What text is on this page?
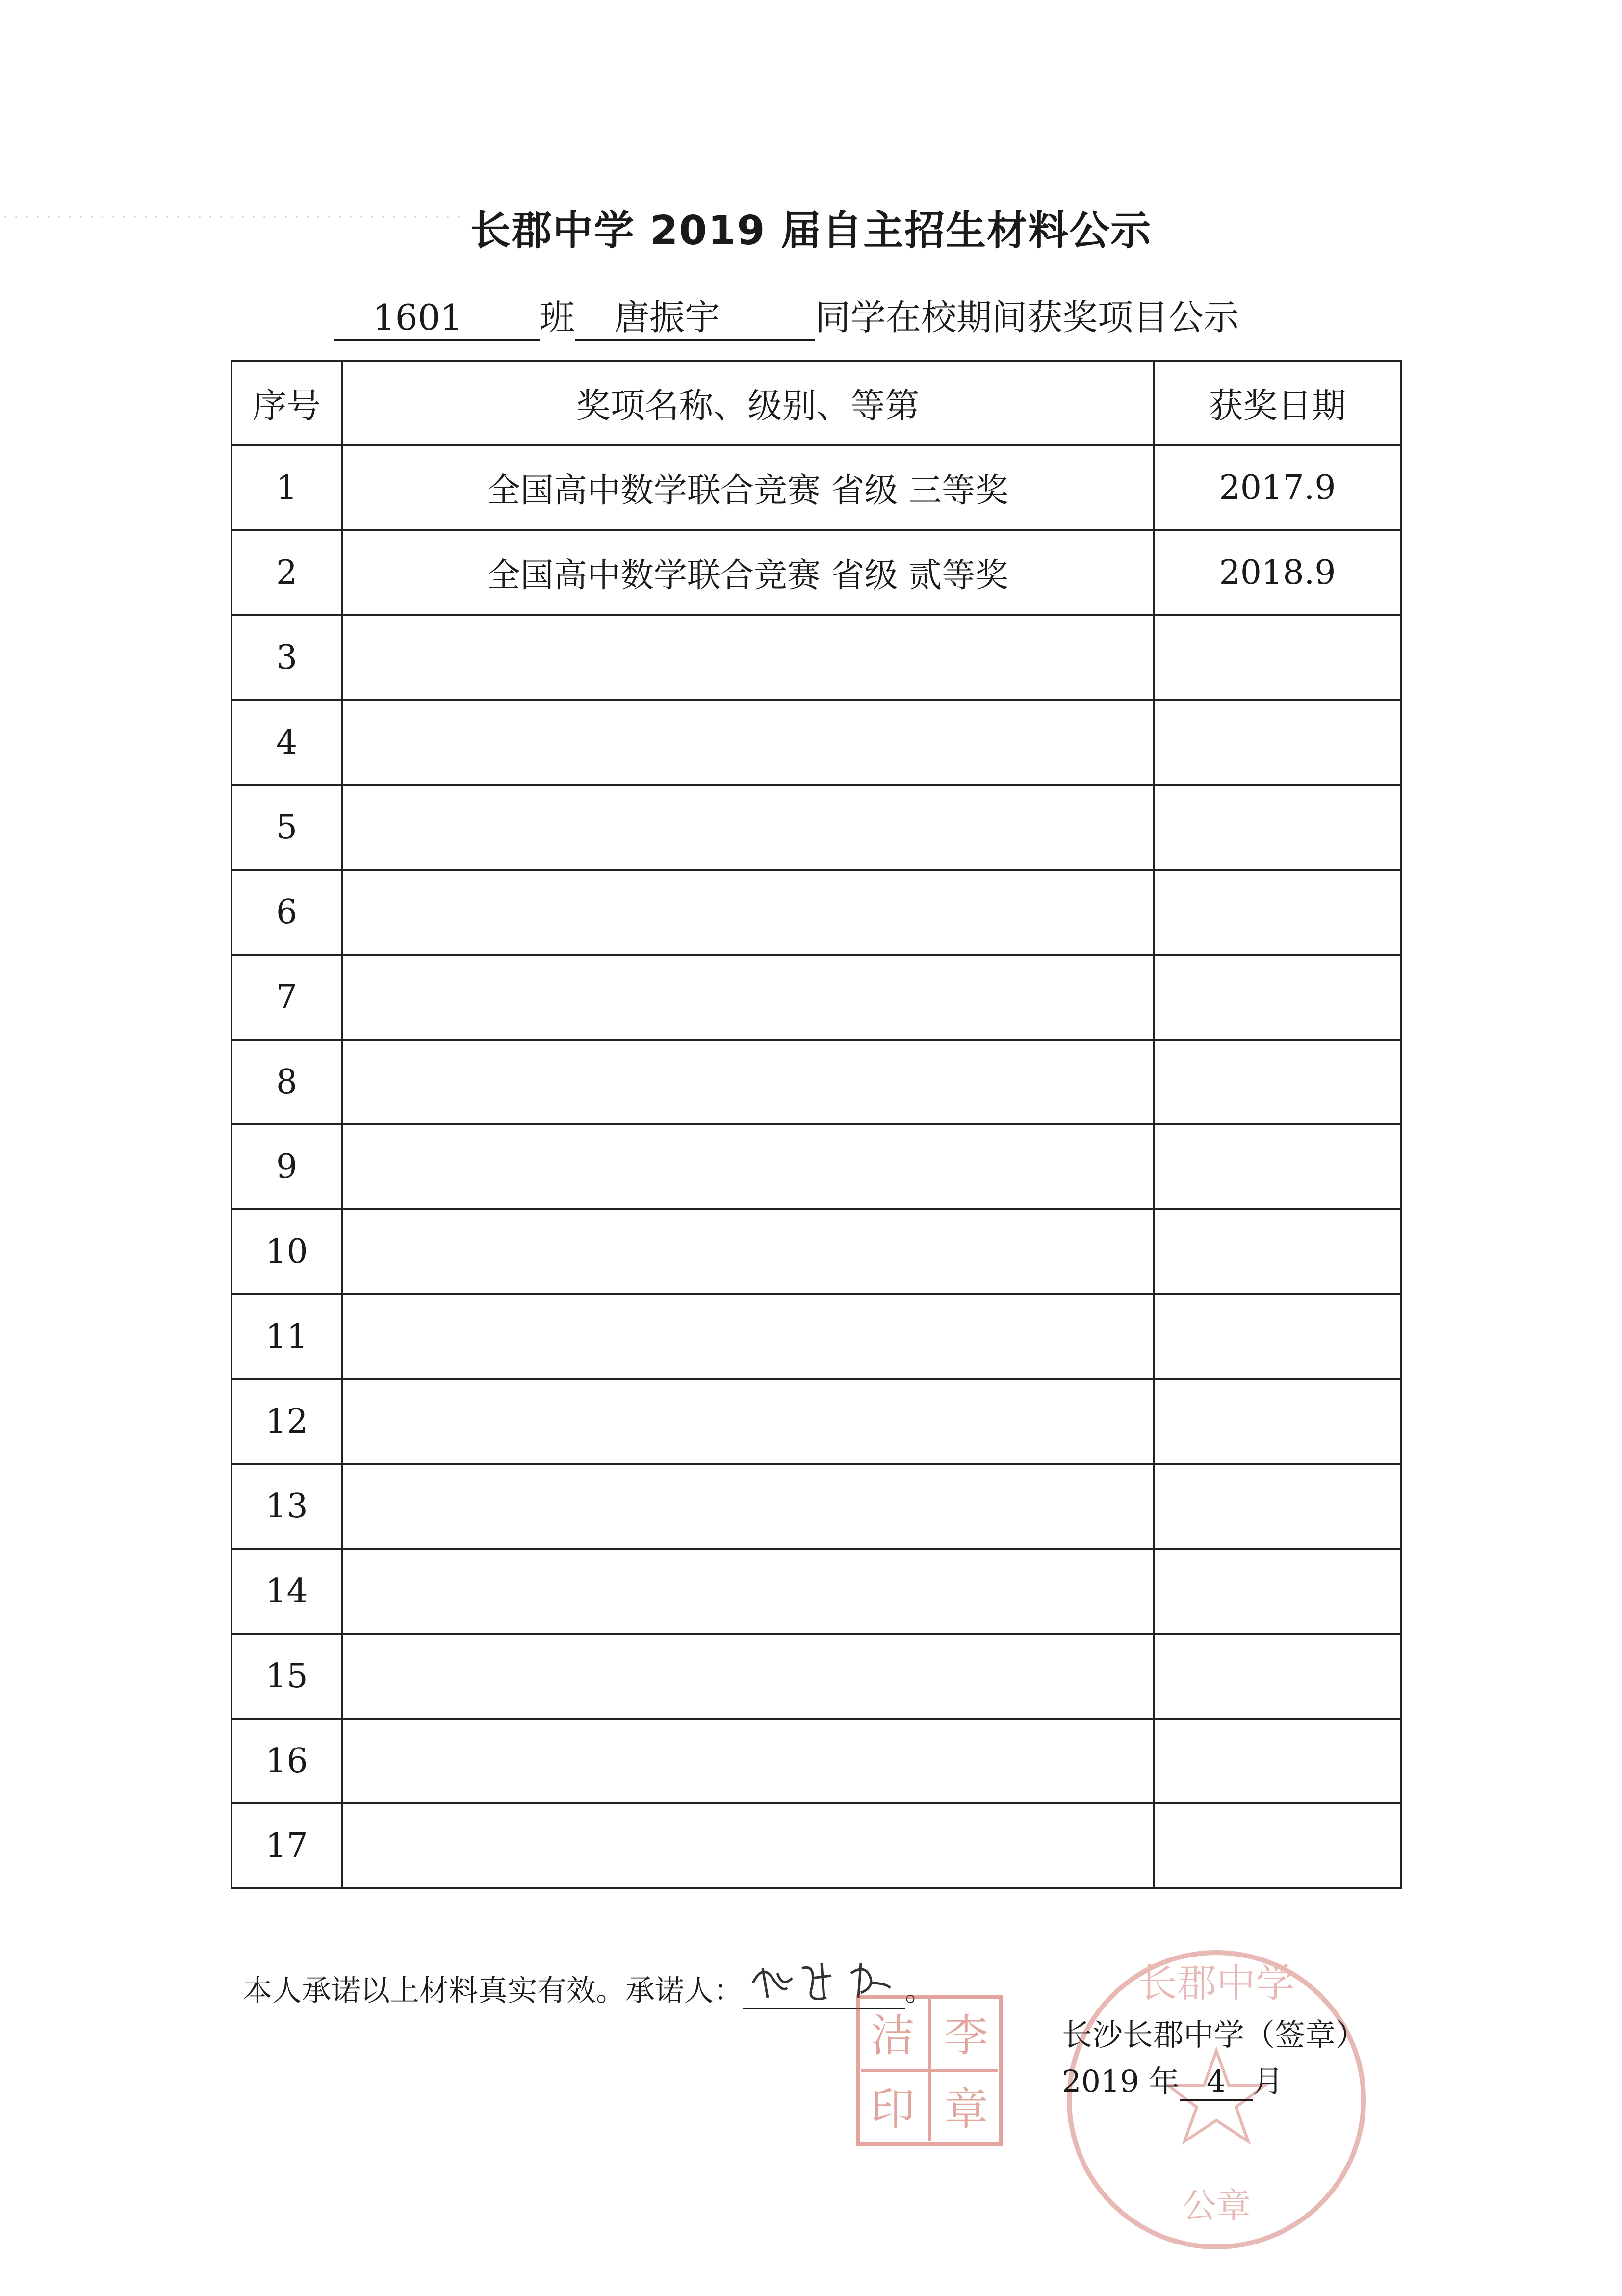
长郡中学 2019 届自主招生材料公示
1601	班	唐振宇	同学在校期间获奖项目公示
序号	奖项名称、级别、等第	获奖日期
1	全国高中数学联合竞赛 省级 三等奖	2017.9
2	全国高中数学联合竞赛 省级 贰等奖	2018.9
3		
4		
5		
6		
7		
8		
9		
10		
11		
12		
13		
14		
15		
16		
17		
本人承诺以上材料真实有效。承诺人：	。
李
洁
印 章
长郡中学
公章
长沙长郡中学（签章）
2019 年 4 月
